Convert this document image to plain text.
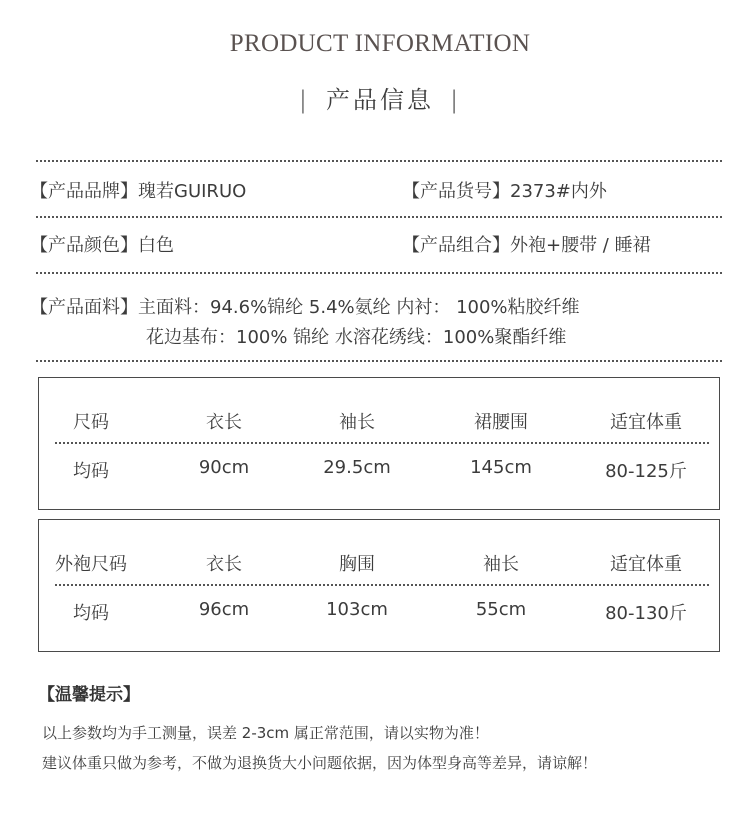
PRODUCT INFORMATION
| 产品信息 |
【产品品牌】瑰若GUIRUO	【产品货号】2373#内外
【产品颜色】白色	【产品组合】外袍+腰带 / 睡裙
【产品面料】主面料：94.6%锦纶 5.4%氨纶 内衬： 100%粘胶纤维
花边基布：100% 锦纶 水溶花绣线：100%聚酯纤维
尺码	衣长	袖长	裙腰围	适宜体重
均码	90cm	29.5cm	145cm	80-125斤
外袍尺码	衣长	胸围	袖长	适宜体重
均码	96cm	103cm	55cm	80-130斤
【温馨提示】
以上参数均为手工测量，误差 2-3cm 属正常范围，请以实物为准！
建议体重只做为参考，不做为退换货大小问题依据，因为体型身高等差异，请谅解！
